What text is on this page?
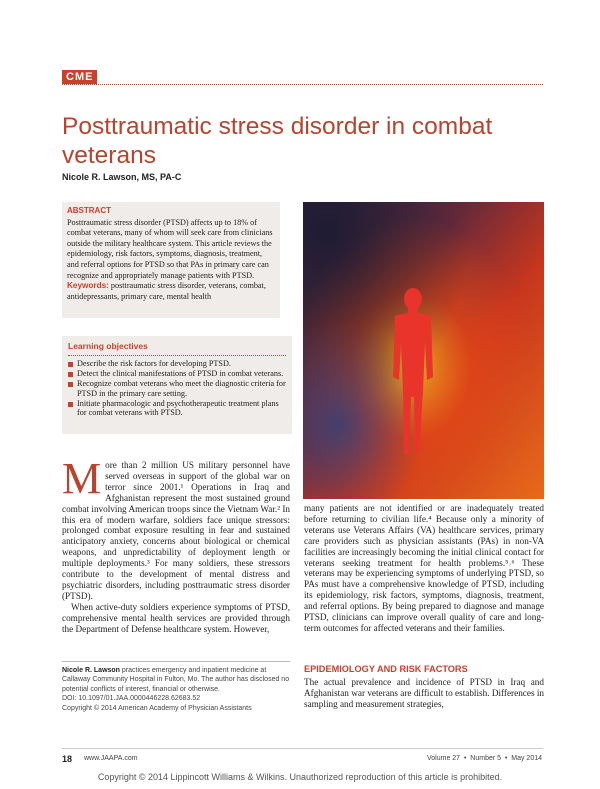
CME
Posttraumatic stress disorder in combat veterans
Nicole R. Lawson, MS, PA-C
ABSTRACT
Posttraumatic stress disorder (PTSD) affects up to 18% of combat veterans, many of whom will seek care from clinicians outside the military healthcare system. This article reviews the epidemiology, risk factors, symptoms, diagnosis, treatment, and referral options for PTSD so that PAs in primary care can recognize and appropriately manage patients with PTSD.
Keywords: posttraumatic stress disorder, veterans, combat, antidepressants, primary care, mental health
Learning objectives
Describe the risk factors for developing PTSD.
Detect the clinical manifestations of PTSD in combat veterans.
Recognize combat veterans who meet the diagnostic criteria for PTSD in the primary care setting.
Initiate pharmacologic and psychotherapeutic treatment plans for combat veterans with PTSD.

More than 2 million US military personnel have served overseas in support of the global war on terror since 2001.¹ Operations in Iraq and Afghanistan represent the most sustained ground combat involving American troops since the Vietnam War.² In this era of modern warfare, soldiers face unique stressors: prolonged combat exposure resulting in fear and sustained anticipatory anxiety, concerns about biological or chemical weapons, and unpredictability of deployment length or multiple deployments.³ For many soldiers, these stressors contribute to the development of mental distress and psychiatric disorders, including posttraumatic stress disorder (PTSD).

When active-duty soldiers experience symptoms of PTSD, comprehensive mental health services are provided through the Department of Defense healthcare system. However,

many patients are not identified or are inadequately treated before returning to civilian life.⁴ Because only a minority of veterans use Veterans Affairs (VA) healthcare services, primary care providers such as physician assistants (PAs) in non-VA facilities are increasingly becoming the initial clinical contact for veterans seeking treatment for health problems.⁵˒⁶ These veterans may be experiencing symptoms of underlying PTSD, so PAs must have a comprehensive knowledge of PTSD, including its epidemiology, risk factors, symptoms, diagnosis, treatment, and referral options. By being prepared to diagnose and manage PTSD, clinicians can improve overall quality of care and long-term outcomes for affected veterans and their families.

EPIDEMIOLOGY AND RISK FACTORS

The actual prevalence and incidence of PTSD in Iraq and Afghanistan war veterans are difficult to establish. Differences in sampling and measurement strategies,

Nicole R. Lawson practices emergency and inpatient medicine at Callaway Community Hospital in Fulton, Mo. The author has disclosed no potential conflicts of interest, financial or otherwise.
DOI: 10.1097/01.JAA.0000446228.62683.52
Copyright © 2014 American Academy of Physician Assistants
18 www.JAAPA.com	Volume 27  •  Number 5  •  May 2014
Copyright © 2014 Lippincott Williams & Wilkins. Unauthorized reproduction of this article is prohibited.
